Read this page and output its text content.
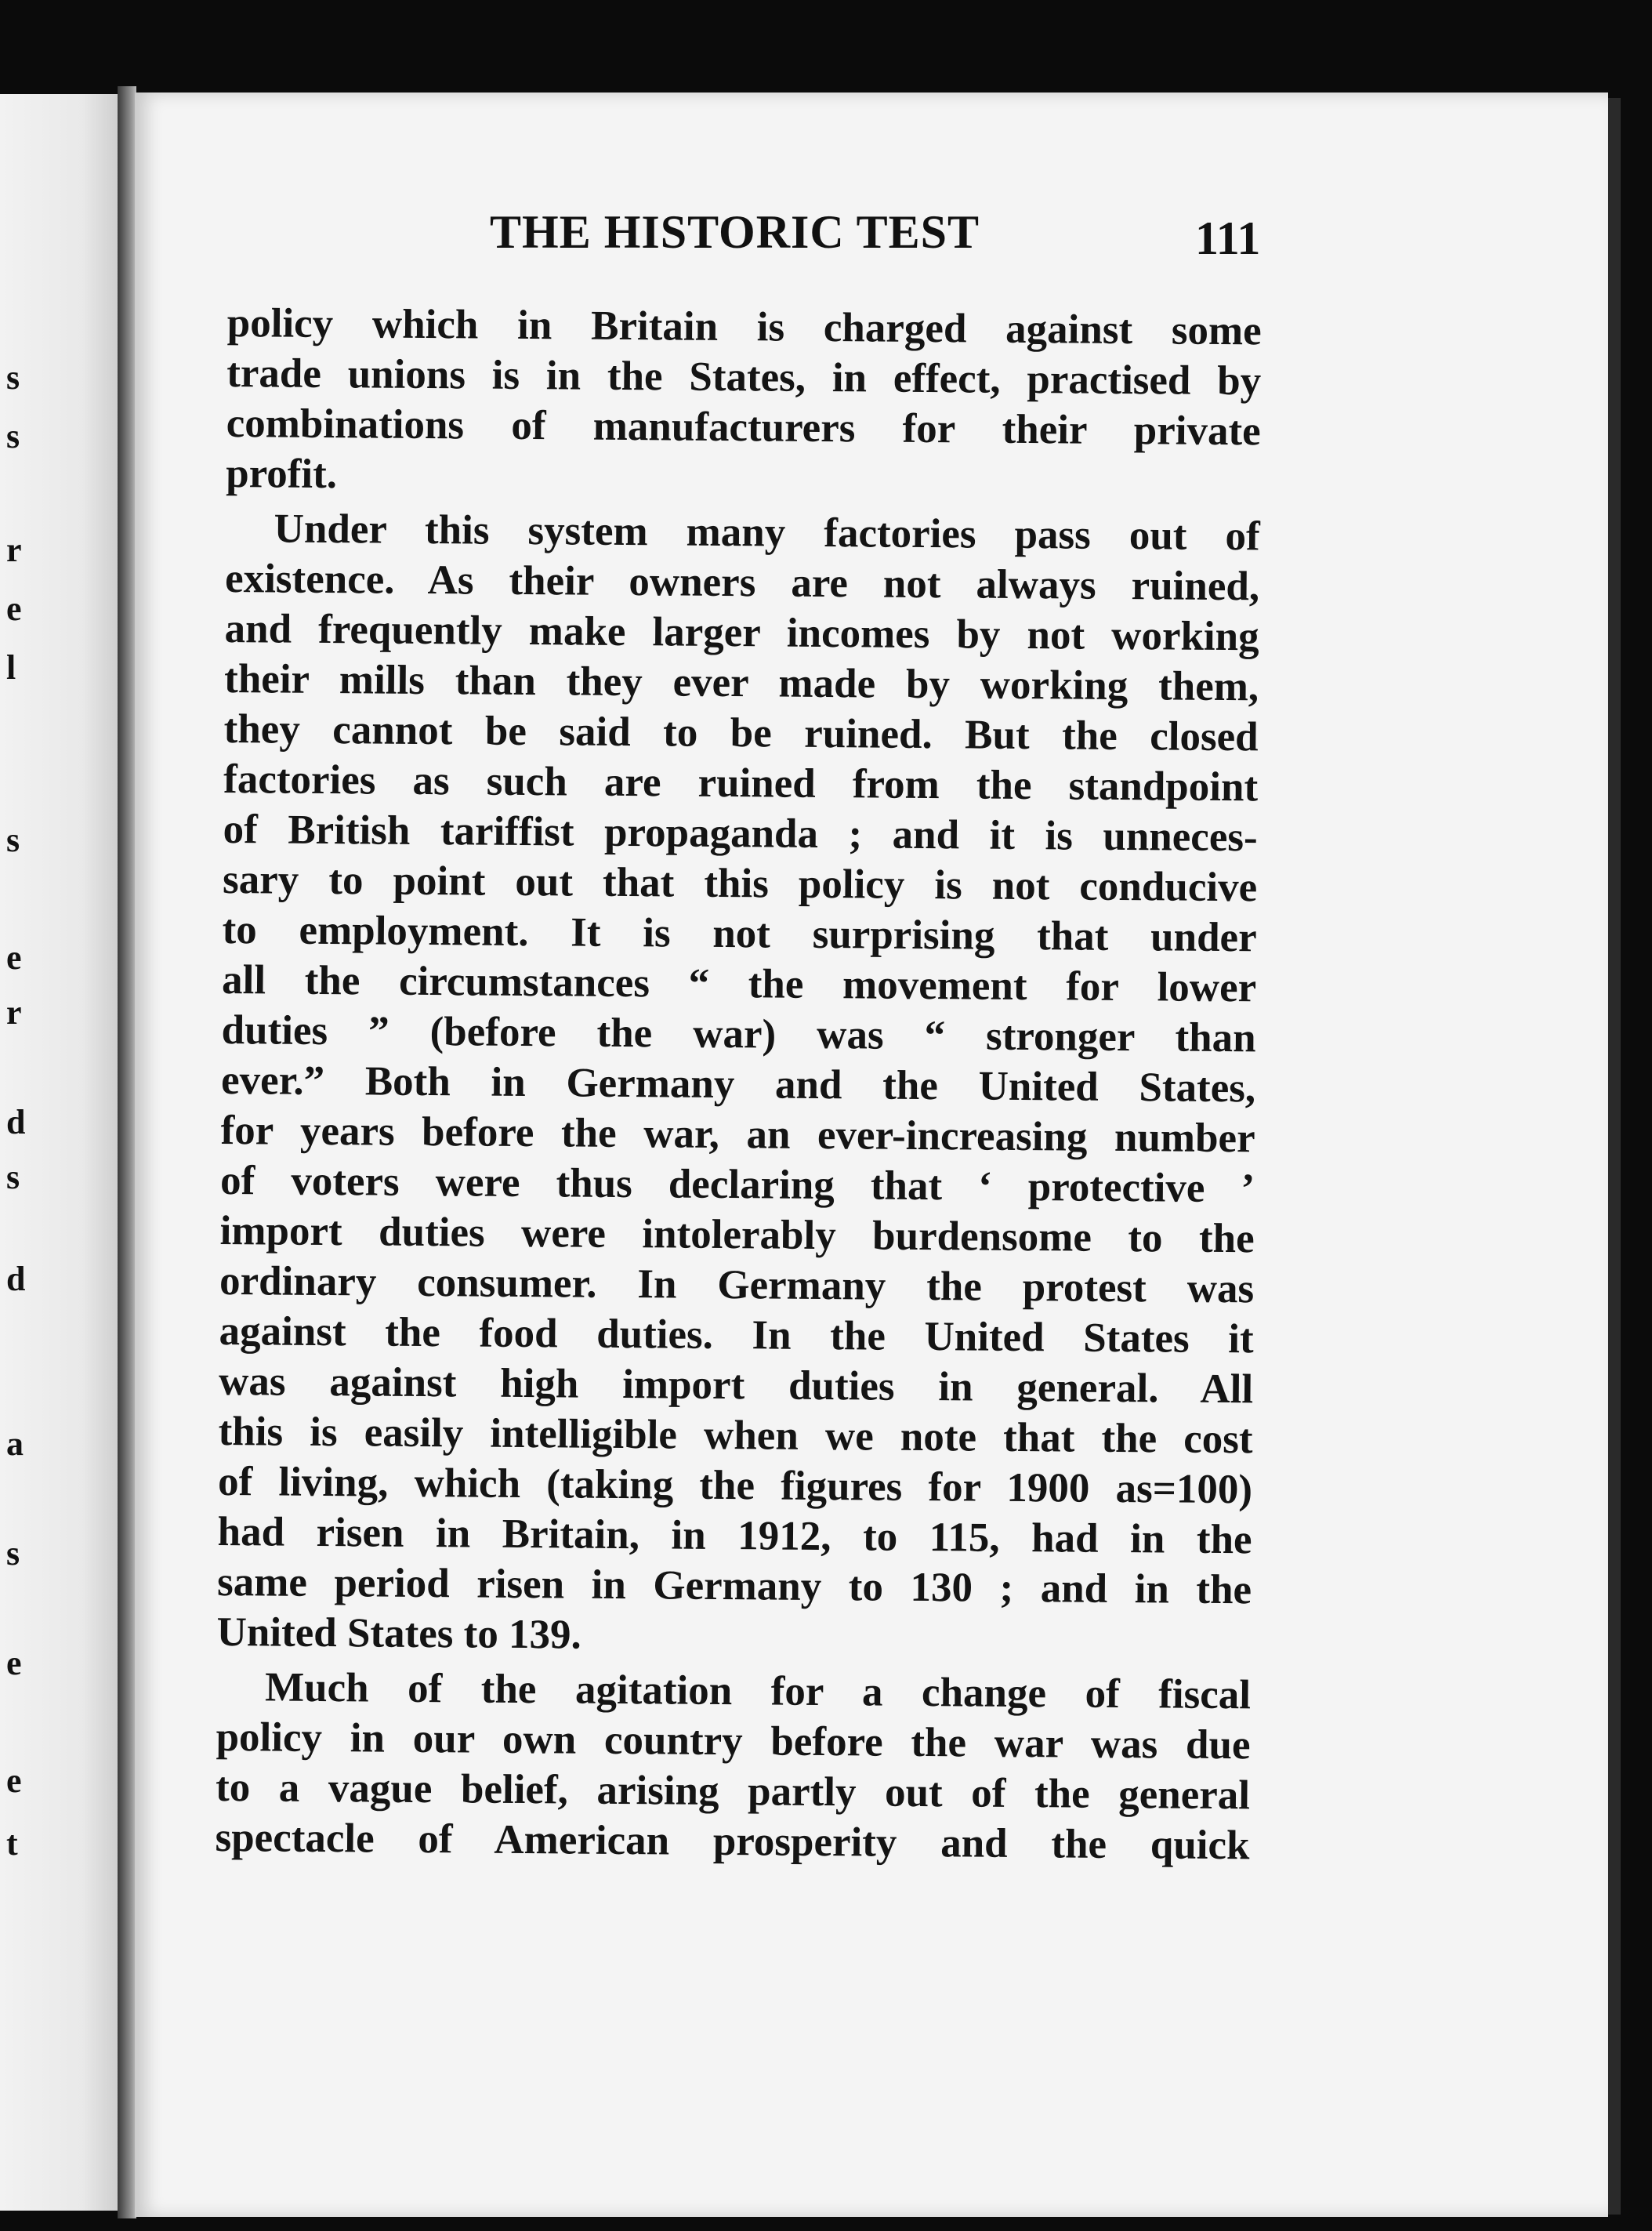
s
s
r
e
l
s
e
r
d
s
d
a
s
e
e
t
THE HISTORIC TEST	111
policy which in Britain is charged against some
trade unions is in the States, in effect, practised by
combinations of manufacturers for their private
profit.
Under this system many factories pass out of
existence. As their owners are not always ruined,
and frequently make larger incomes by not working
their mills than they ever made by working them,
they cannot be said to be ruined. But the closed
factories as such are ruined from the standpoint
of British tariffist propaganda ; and it is unneces-
sary to point out that this policy is not conducive
to employment. It is not surprising that under
all the circumstances “ the movement for lower
duties ” (before the war) was “ stronger than
ever.” Both in Germany and the United States,
for years before the war, an ever-increasing number
of voters were thus declaring that ‘ protective ’
import duties were intolerably burdensome to the
ordinary consumer. In Germany the protest was
against the food duties. In the United States it
was against high import duties in general. All
this is easily intelligible when we note that the cost
of living, which (taking the figures for 1900 as=100)
had risen in Britain, in 1912, to 115, had in the
same period risen in Germany to 130 ; and in the
United States to 139.
Much of the agitation for a change of fiscal
policy in our own country before the war was due
to a vague belief, arising partly out of the general
spectacle of American prosperity and the quick
